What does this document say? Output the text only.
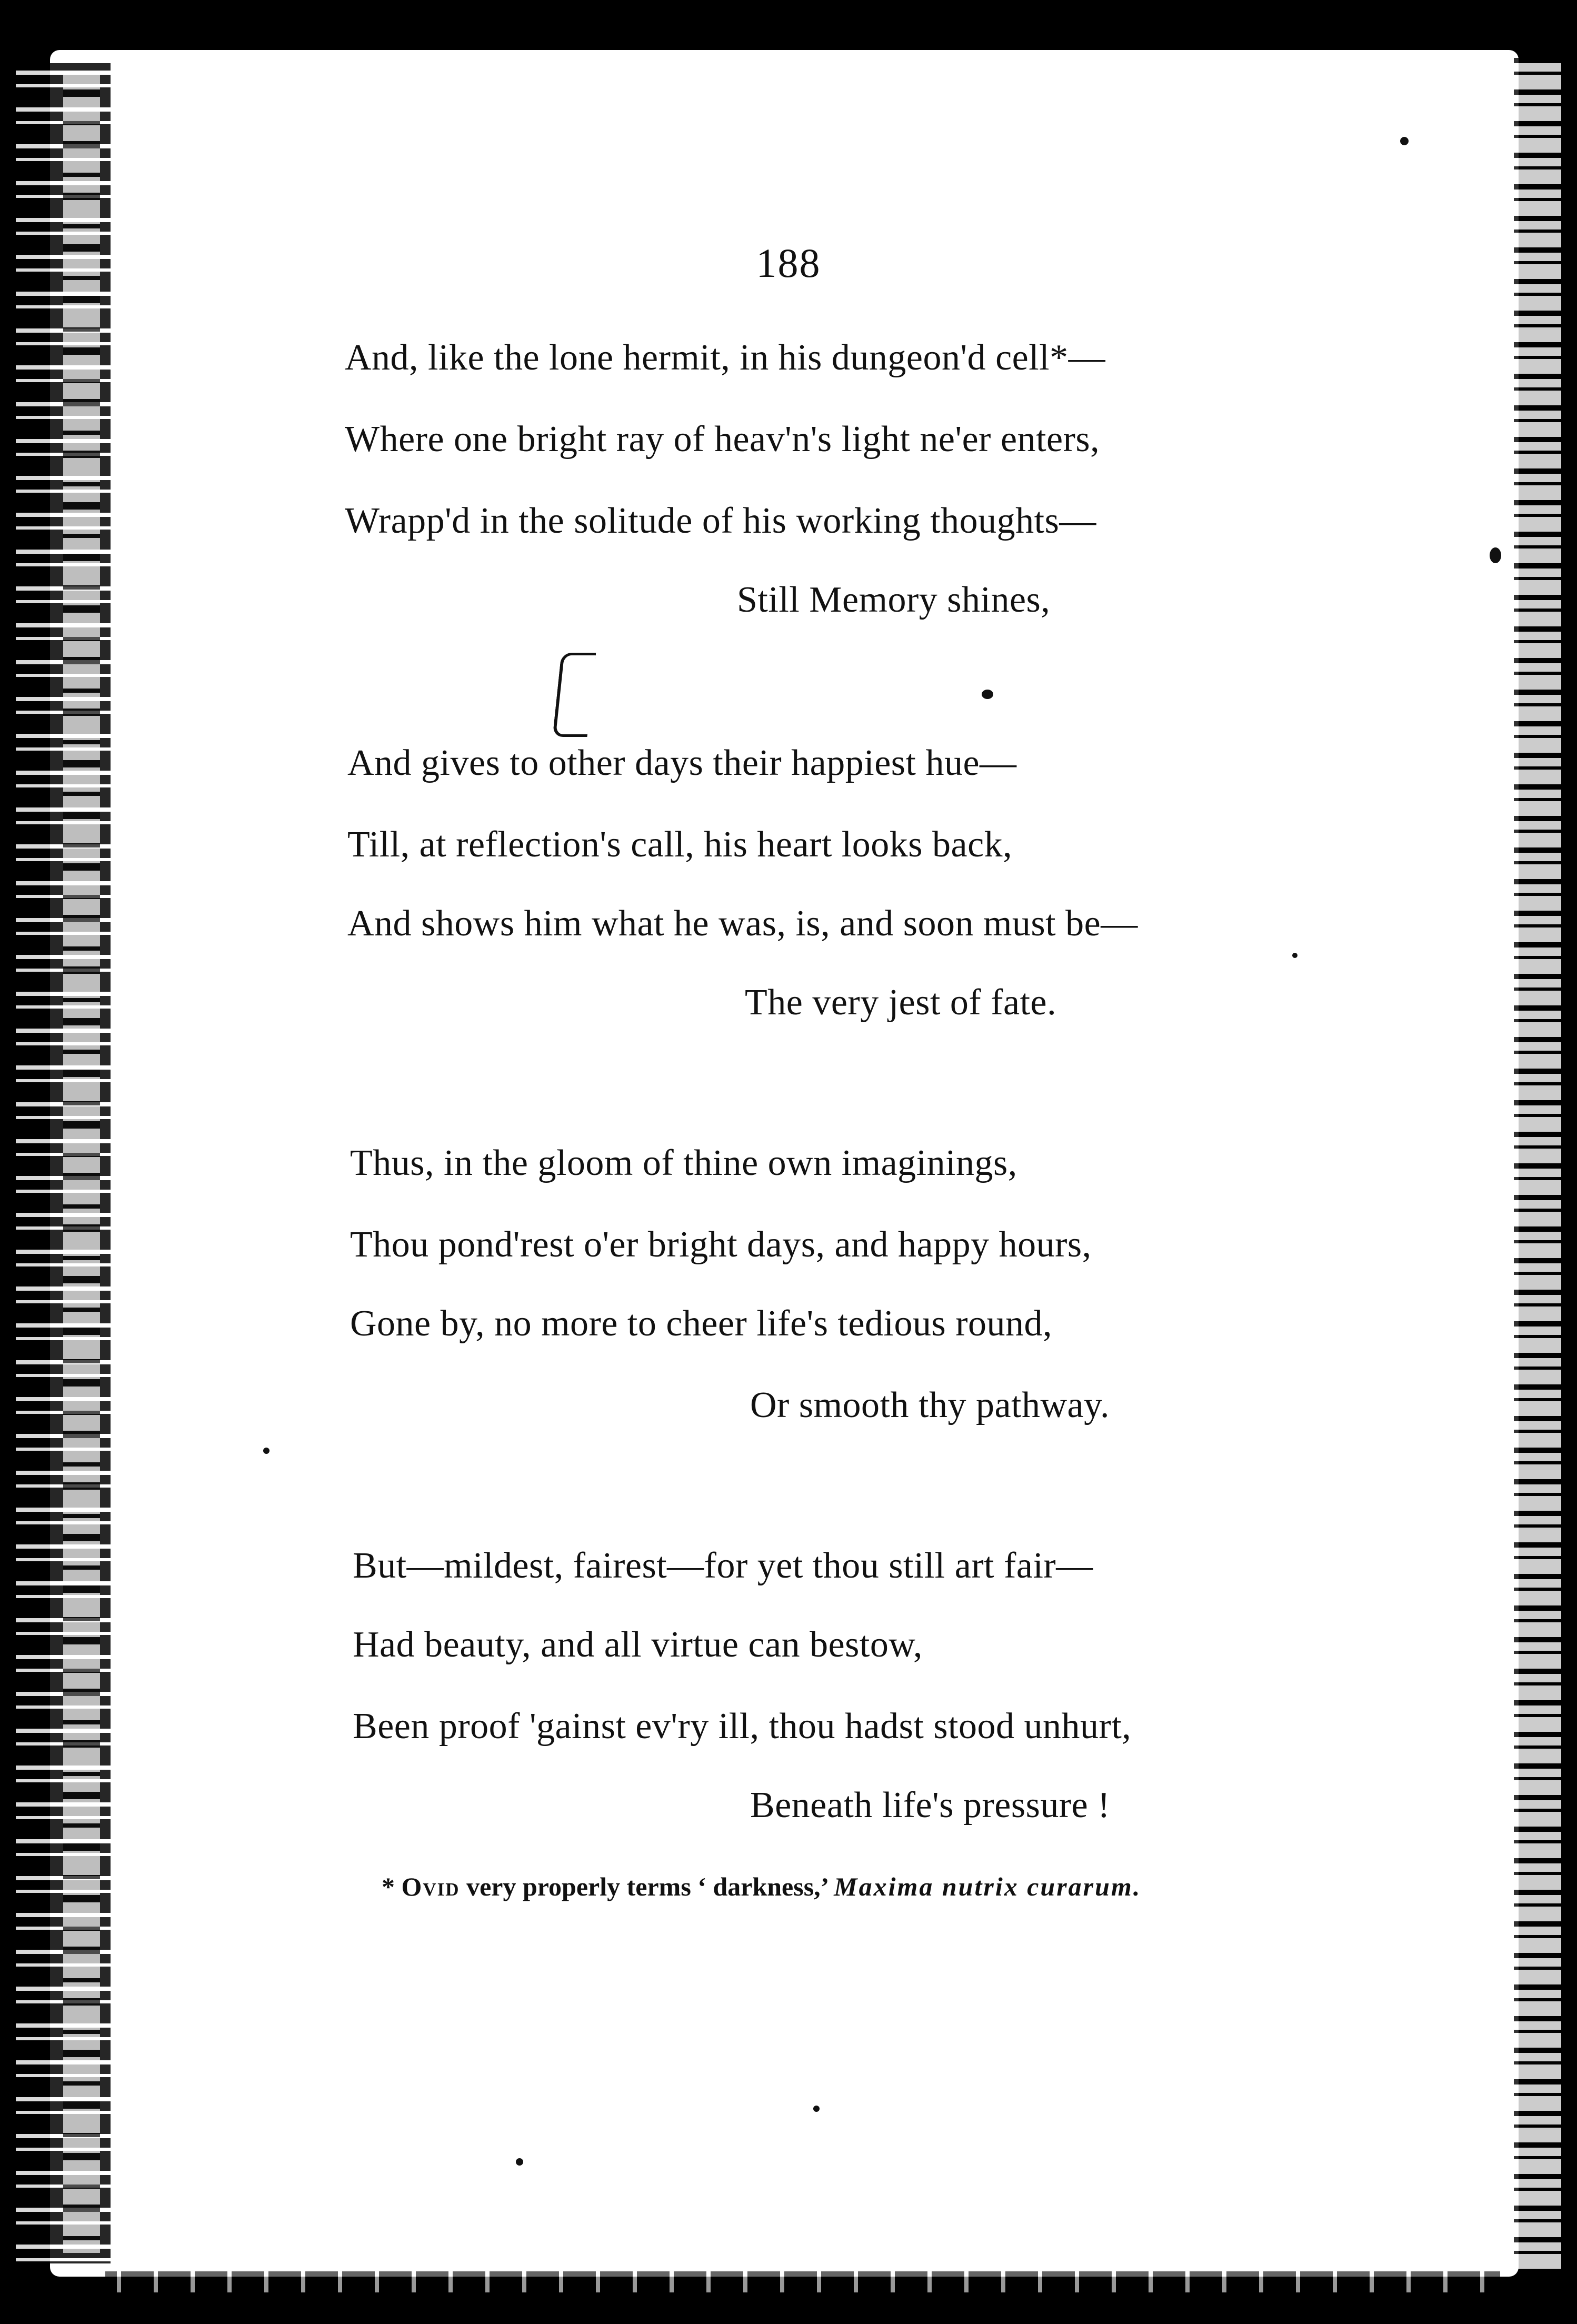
188
And, like the lone hermit, in his dungeon'd cell*—
Where one bright ray of heav'n's light ne'er enters,
Wrapp'd in the solitude of his working thoughts—
Still Memory shines,
And gives to other days their happiest hue—
Till, at reflection's call, his heart looks back,
And shows him what he was, is, and soon must be—
The very jest of fate.
Thus, in the gloom of thine own imaginings,
Thou pond'rest o'er bright days, and happy hours,
Gone by, no more to cheer life's tedious round,
Or smooth thy pathway.
But—mildest, fairest—for yet thou still art fair—
Had beauty, and all virtue can bestow,
Been proof 'gainst ev'ry ill, thou hadst stood unhurt,
Beneath life's pressure !
* Ovid very properly terms ‘ darkness,’ Maxima nutrix curarum.
